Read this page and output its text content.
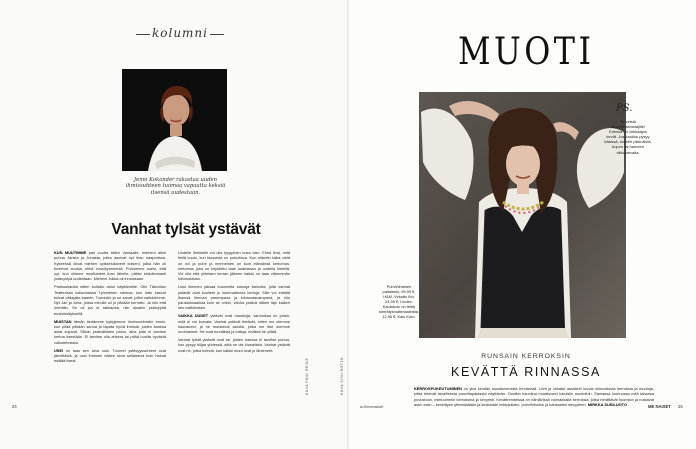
kolumni
Jenni Kokander rakastaa uuden ihmissuhteen tuomaa vapautta keksiä itsensä uudestaan.
Vanhat tylsät ystävät

KUN MUUTIMME pari vuotta sitten Vantaalle, mieheni alkoi puhua Jarista ja Juhasta, jotka asuivat nyt ihan naapurissa. Kyseessä olivat miehen opiskelukaverit koiseni, jotka hän oli tuntenut vuosia, ehkä vuosikymmeniä. Puhuimme usein, että nyt, kun olimme muuttaneet ihan lähelle, pitäisi ehdottomasti ystävystyä uudestaan. Mieheni Jukka oli innoissaan.

Parikuukautta sitten kohtalo astui näyttämölle. Olin Tikkurilan Teatterissa katsomassa Työmiehen vaimoa, kun tuttu kasvot tulivat väliajalla baariin. Tunnistin ja ne sanat, jotka vaihdoimme. Nyt Jari ja Juha, joista minulle oli jo pitkään kerrottu. Ja niin että menttiin. Se oli jos ei rakkautta, niin ainakin ystävyyttä ensisilmäyksellä.

MUISTAN tämän tiedämme kykyjemme ihmissuhteisiin ensin, kun pitää pitkään sanoa ja tapata hyviä ihmisiä, joiden kanssa asiat sujuvat. Silloin ystävällisten paluu, aika joita ei tarvitse kertoa itsestään. Ei tarvitse olla ahkera tai pitää huolta hyvästä vaikutelmasta.

USEI on taas sen aina uusi. Tuoreet ystävyyssuhteet ovat jännittäviä, ja uusi ihminen näkee sinut sellaisena kuin haluat esittää itsesi.

Uudelle ihmiselle voi olla tyyppinen kuka vain. Ehkä ilma, mitä tiellä kuulu, kun kiusoista on puhuttava. Kun elämän taika vielä on ovi ja puhe ja menneinen on kuin elämänsä kertomus, kertomus joka on kirjoitettu taas uudestaan ja uudella kielellä. Voi olla että yhteisen kerran jälkeen kaikki on taas vähemmän kiinnostavaa.

Uusi ihminen jaksaa kuunnella samoja tarinoita, joita vanhat ystävät ovat kuulleet jo lukemattomia kertoja. Sille voi esittää itsensä hieman parempana ja kiinnostavampana, ja niin paradoksaalista kuin se onkin, vanha ystävä näkee läpi kaiken sen esittämisen.

VAIKKA UUDET ystävät ovat hauskoja, vanhoissa on jotain, mitä ei voi korvata. Vanhat ystävät tietävät, miten me olemme kasvaneet, ja he muistavat asioita, jotka me itse olemme unohtaneet. He ovat turvallisia ja tuttuja, eivätkä he yllätä.

Vanhat tylsät ystävät ovat ne, joiden kanssa ei tarvitse puhua, kun pysyy hiljaa yhdessä, eikä se ole kiusallista. Vanhat ystävät ovat ne, jotka tulevat, kun kaikki muut ovat jo lähteneet.

KUVA PAUL REJLE	KUVA SISU ROTTO
24	is.fi/menaiset
MUOTI
PS.
Terveisiä käsityöharrastajille! Edessä on virkkaajan kevät. Jos kaukku pysyy käsissä, kokeile pikkuliiviä, hupun tai hameen viikkoarvaita.
Puhvihihainen paitaleeni, 69,99 €, H&M. Virkattu liivi, 24,99 €, Lindex. Kaulakoru on tehty kierrätysmateriaaleista, 12,95 €, Kaiu Koru.
RUNSAIN KERROKSIN
KEVÄTTÄ RINNASSA
KERROSPUKEUTUMINEN on yksi kevään suosituimmista trendeistä. Liivit ja virkatut asusteet luovat kiinnostavia kerroksia ja muotoja, jotka tekevät tavallisesta puuvillapaidasta näyttävän. Ovatkin kauniina muuttuneet lukuisiin muotoihin. Samassa luonnossa mitä tahansa puvustoon, mieluummin kerroksina ja kevyesti. Kevättrendeissä on nähtävissä voimakkaita kerroksia, jotka herättävät huomion ja nostavat asun esiin – keskittyen ytimekkäisiin ja keskeisiin leikkauksiin, puhvihihoihin ja kankaiden kevyyteen. MIRKKA SUSILUOTO	ME NAISET 25
